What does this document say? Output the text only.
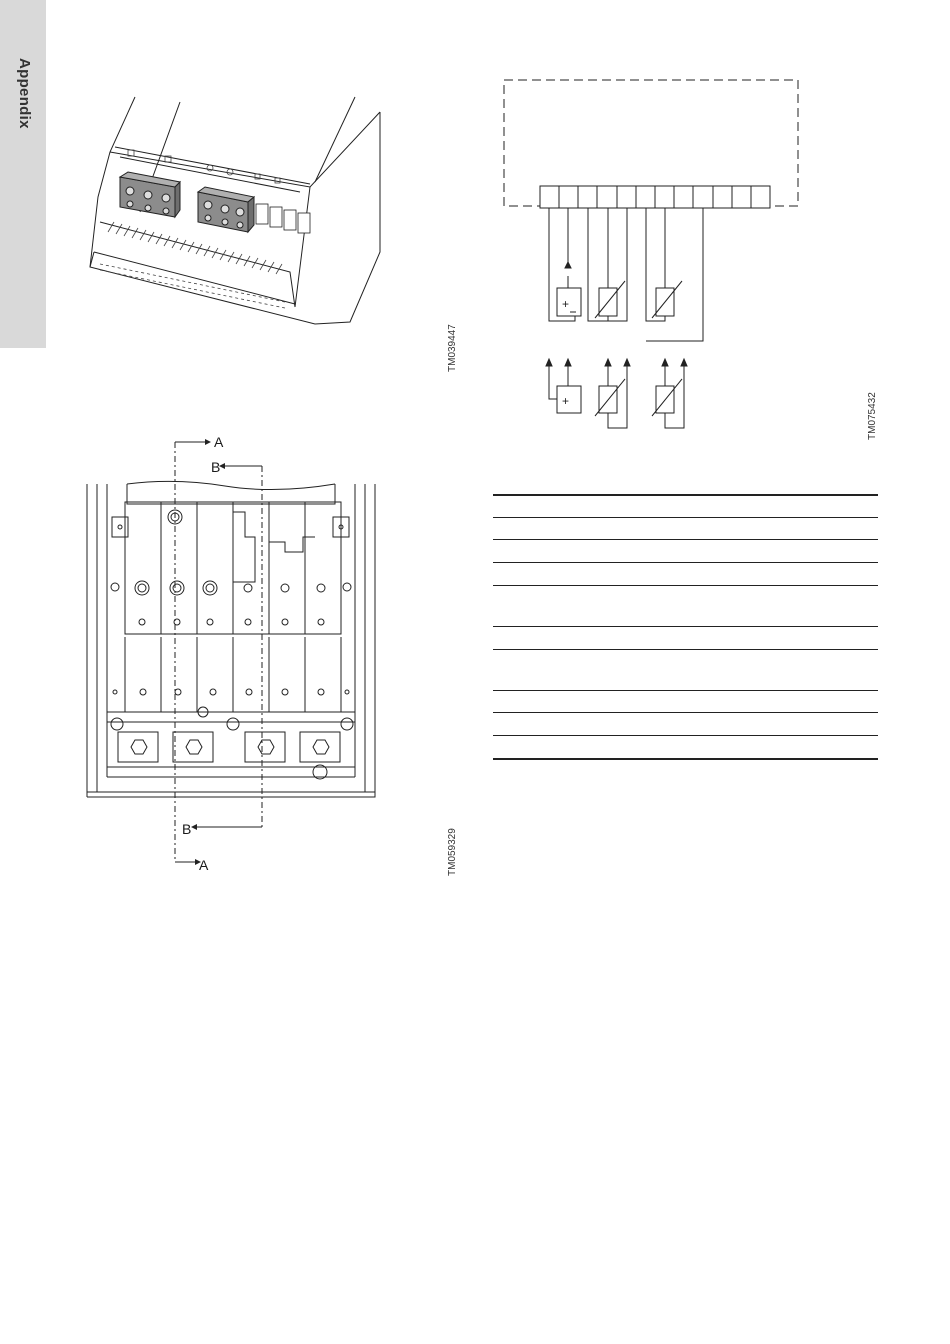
Appendix
TM039447
+
+	TM075432
A
B
B
A	TM059329
